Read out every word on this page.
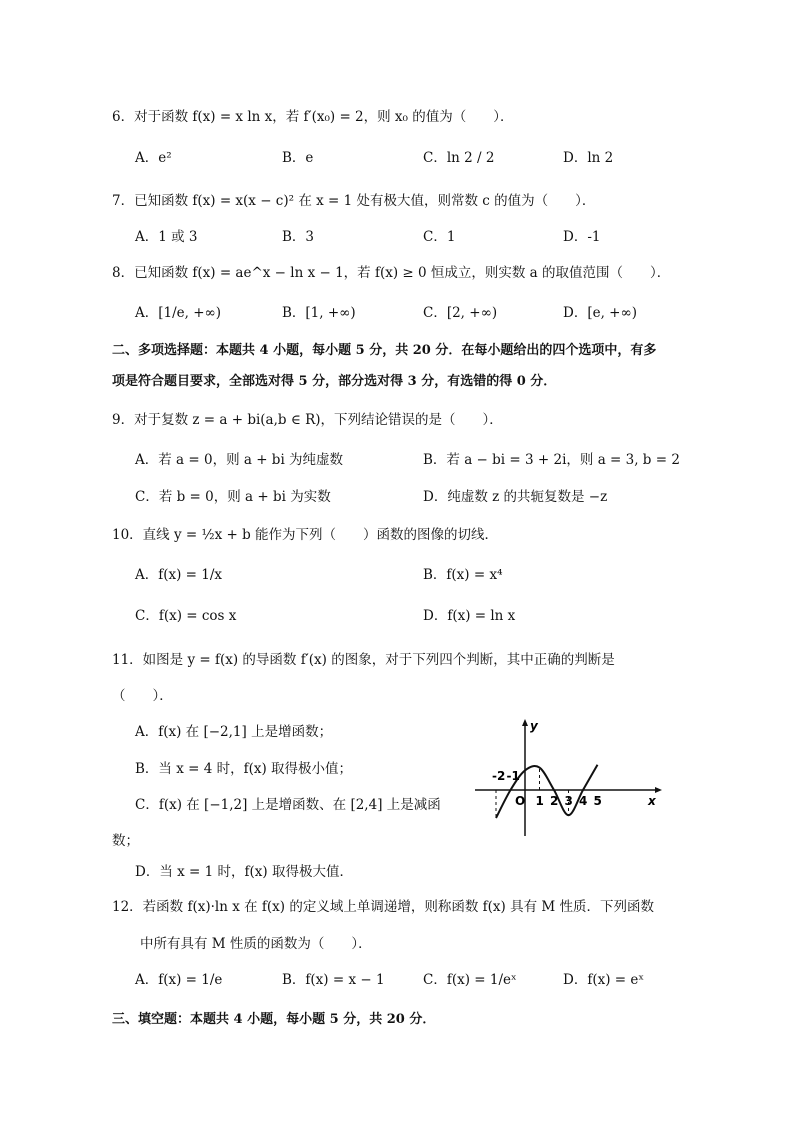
6．对于函数 f(x) = x ln x，若 f′(x₀) = 2，则 x₀ 的值为（　　）．
A．e²	B．e	C．ln 2 / 2	D．ln 2
7．已知函数 f(x) = x(x − c)² 在 x = 1 处有极大值，则常数 c 的值为（　　）．
A．1 或 3	B．3	C．1	D．-1
8．已知函数 f(x) = ae^x − ln x − 1，若 f(x) ≥ 0 恒成立，则实数 a 的取值范围（　　）．
A．[1/e, +∞)	B．[1, +∞)	C．[2, +∞)	D．[e, +∞)
二、多项选择题：本题共 4 小题，每小题 5 分，共 20 分．在每小题给出的四个选项中，有多
项是符合题目要求，全部选对得 5 分，部分选对得 3 分，有选错的得 0 分．
9．对于复数 z = a + bi(a,b ∈ R)，下列结论错误的是（　　）．
A．若 a = 0，则 a + bi 为纯虚数	B．若 a − bi = 3 + 2i，则 a = 3, b = 2
C．若 b = 0，则 a + bi 为实数	D．纯虚数 z 的共轭复数是 −z
10．直线 y = ½x + b 能作为下列（　　）函数的图像的切线．
A．f(x) = 1/x	B．f(x) = x⁴
C．f(x) = cos x	D．f(x) = ln x
11．如图是 y = f(x) 的导函数 f′(x) 的图象，对于下列四个判断，其中正确的判断是
（　　）．
A．f(x) 在 [−2,1] 上是增函数；
B．当 x = 4 时，f(x) 取得极小值；
C．f(x) 在 [−1,2] 上是增函数、在 [2,4] 上是减函
数；
D．当 x = 1 时，f(x) 取得极大值．
-2 -1
O 1 2 3 4 5	x
y
12．若函数 f(x)·ln x 在 f(x) 的定义域上单调递增，则称函数 f(x) 具有 M 性质．下列函数
中所有具有 M 性质的函数为（　　）．
A．f(x) = 1/e	B．f(x) = x − 1	C．f(x) = 1/eˣ	D．f(x) = eˣ
三、填空题：本题共 4 小题，每小题 5 分，共 20 分．
